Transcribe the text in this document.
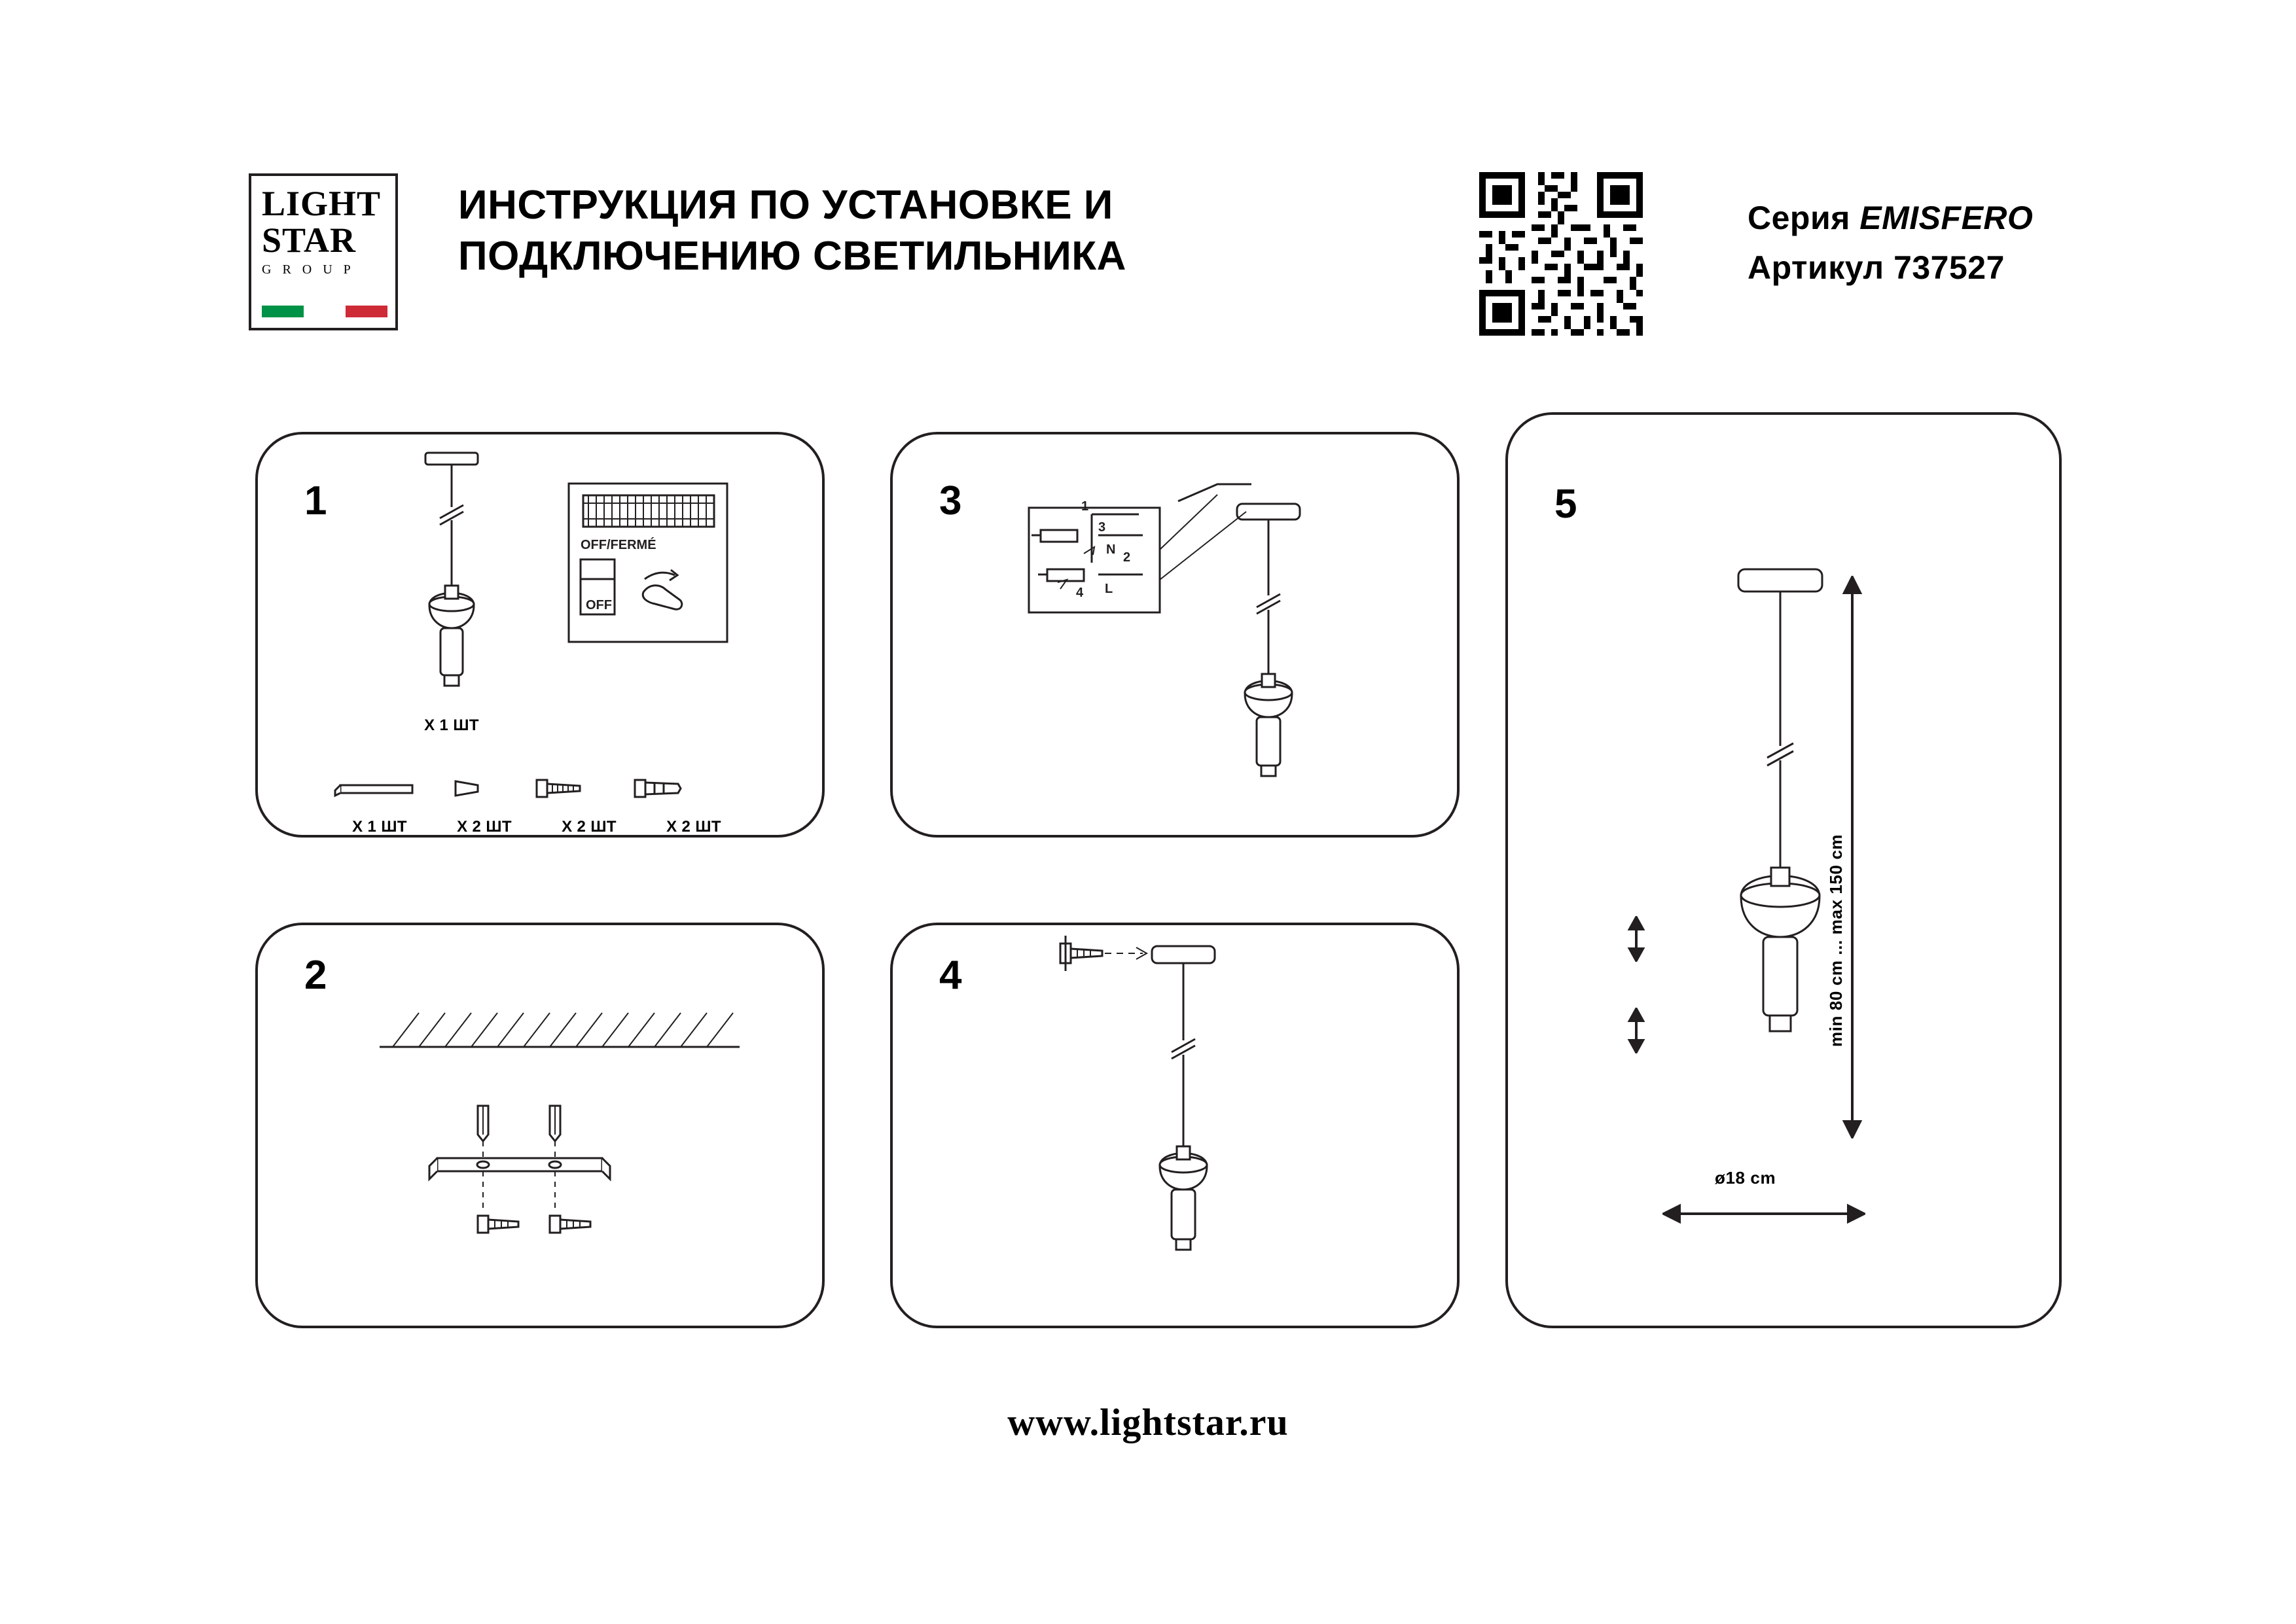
LIGHT
STAR
G R O U P
ИНСТРУКЦИЯ ПО УСТАНОВКЕ И ПОДКЛЮЧЕНИЮ СВЕТИЛЬНИКА
Серия EMISFERO
Артикул 737527
1
X 1 ШТ
OFF/FERMÉ
OFF
X 1 ШТ	X 2 ШТ	X 2 ШТ	X 2 ШТ
2
3	1
3
N
2
L
4
4
5
min 80 cm ... max 150 cm
ø18 cm
www.lightstar.ru
